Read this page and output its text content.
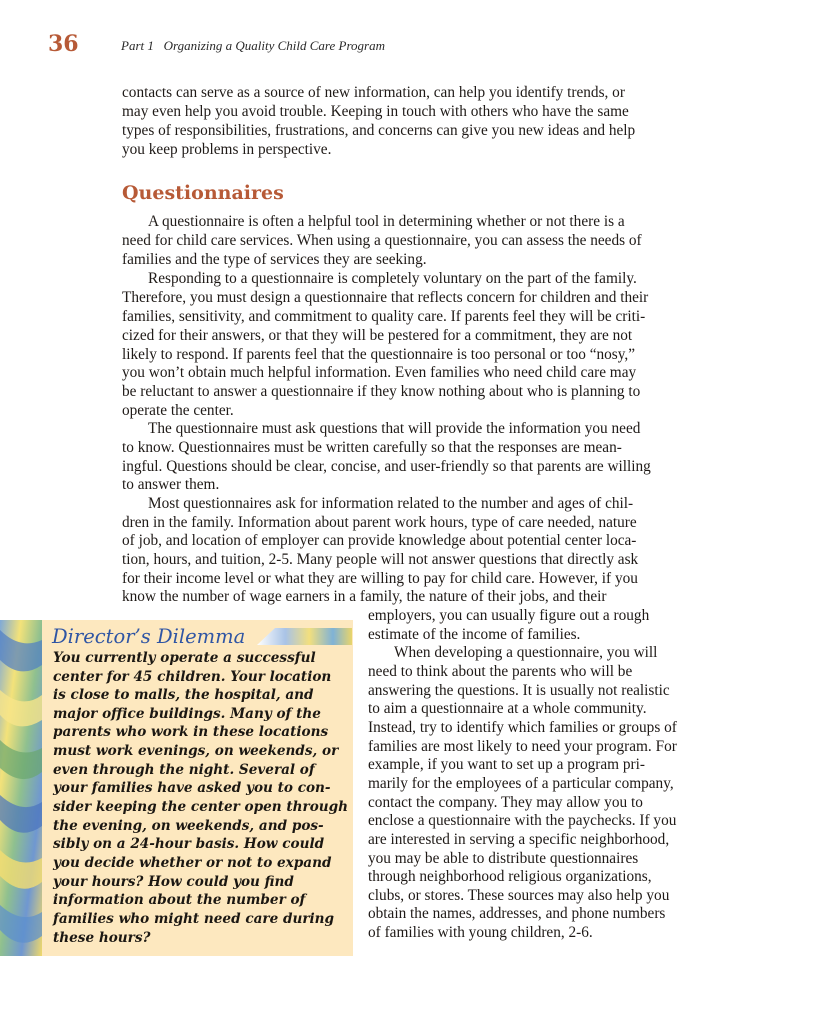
36	Part 1   Organizing a Quality Child Care Program
contacts can serve as a source of new information, can help you identify trends, or
may even help you avoid trouble. Keeping in touch with others who have the same
types of responsibilities, frustrations, and concerns can give you new ideas and help
you keep problems in perspective.
Questionnaires
A questionnaire is often a helpful tool in determining whether or not there is a
need for child care services. When using a questionnaire, you can assess the needs of
families and the type of services they are seeking.
Responding to a questionnaire is completely voluntary on the part of the family.
Therefore, you must design a questionnaire that reflects concern for children and their
families, sensitivity, and commitment to quality care. If parents feel they will be criti-
cized for their answers, or that they will be pestered for a commitment, they are not
likely to respond. If parents feel that the questionnaire is too personal or too “nosy,”
you won’t obtain much helpful information. Even families who need child care may
be reluctant to answer a questionnaire if they know nothing about who is planning to
operate the center.
The questionnaire must ask questions that will provide the information you need
to know. Questionnaires must be written carefully so that the responses are mean-
ingful. Questions should be clear, concise, and user-friendly so that parents are willing
to answer them.
Most questionnaires ask for information related to the number and ages of chil-
dren in the family. Information about parent work hours, type of care needed, nature
of job, and location of employer can provide knowledge about potential center loca-
tion, hours, and tuition, 2-5. Many people will not answer questions that directly ask
for their income level or what they are willing to pay for child care. However, if you
know the number of wage earners in a family, the nature of their jobs, and their
employers, you can usually figure out a rough
estimate of the income of families.
When developing a questionnaire, you will
need to think about the parents who will be
answering the questions. It is usually not realistic
to aim a questionnaire at a whole community.
Instead, try to identify which families or groups of
families are most likely to need your program. For
example, if you want to set up a program pri-
marily for the employees of a particular company,
contact the company. They may allow you to
enclose a questionnaire with the paychecks. If you
are interested in serving a specific neighborhood,
you may be able to distribute questionnaires
through neighborhood religious organizations,
clubs, or stores. These sources may also help you
obtain the names, addresses, and phone numbers
of families with young children, 2-6.
Director’s Dilemma
You currently operate a successful
center for 45 children. Your location
is close to malls, the hospital, and
major office buildings. Many of the
parents who work in these locations
must work evenings, on weekends, or
even through the night. Several of
your families have asked you to con-
sider keeping the center open through
the evening, on weekends, and pos-
sibly on a 24-hour basis. How could
you decide whether or not to expand
your hours? How could you find
information about the number of
families who might need care during
these hours?
